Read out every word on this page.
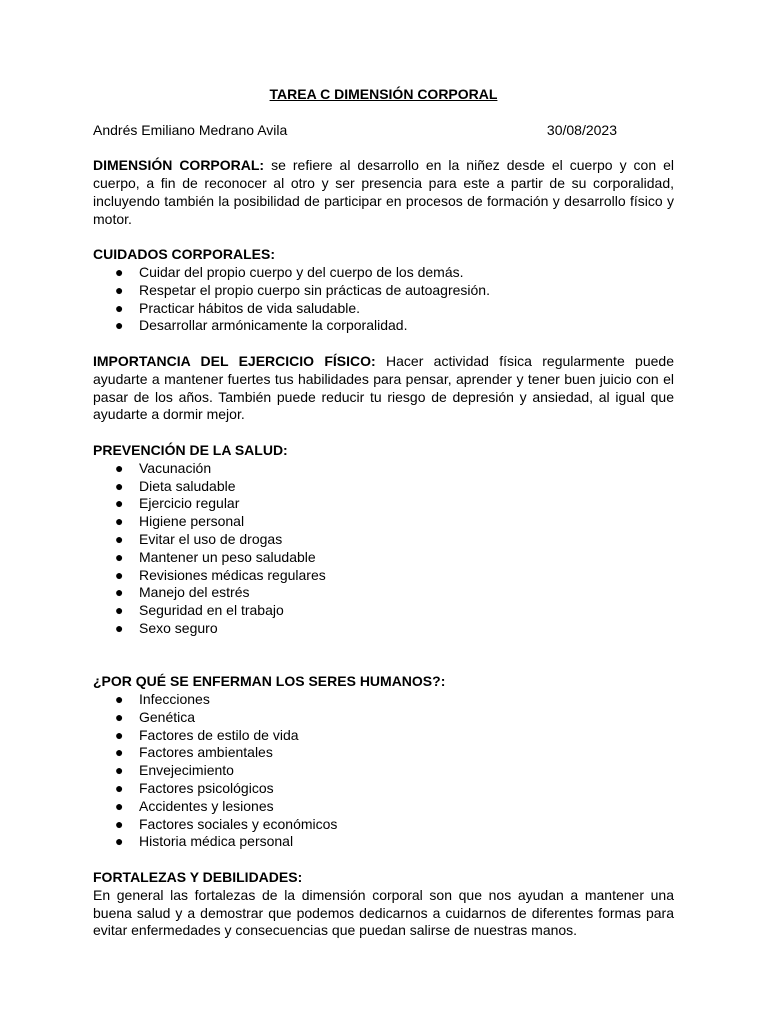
TAREA C DIMENSIÓN CORPORAL

Andrés Emiliano Medrano Avila	30/08/2023

DIMENSIÓN CORPORAL: se refiere al desarrollo en la niñez desde el cuerpo y con el cuerpo, a fin de reconocer al otro y ser presencia para este a partir de su corporalidad, incluyendo también la posibilidad de participar en procesos de formación y desarrollo físico y motor.

CUIDADOS CORPORALES:

● Cuidar del propio cuerpo y del cuerpo de los demás.
● Respetar el propio cuerpo sin prácticas de autoagresión.
● Practicar hábitos de vida saludable.
● Desarrollar armónicamente la corporalidad.

IMPORTANCIA DEL EJERCICIO FÍSICO: Hacer actividad física regularmente puede ayudarte a mantener fuertes tus habilidades para pensar, aprender y tener buen juicio con el pasar de los años. También puede reducir tu riesgo de depresión y ansiedad, al igual que ayudarte a dormir mejor.

PREVENCIÓN DE LA SALUD:

● Vacunación
● Dieta saludable
● Ejercicio regular
● Higiene personal
● Evitar el uso de drogas
● Mantener un peso saludable
● Revisiones médicas regulares
● Manejo del estrés
● Seguridad en el trabajo
● Sexo seguro

¿POR QUÉ SE ENFERMAN LOS SERES HUMANOS?:

● Infecciones
● Genética
● Factores de estilo de vida
● Factores ambientales
● Envejecimiento
● Factores psicológicos
● Accidentes y lesiones
● Factores sociales y económicos
● Historia médica personal

FORTALEZAS Y DEBILIDADES:

En general las fortalezas de la dimensión corporal son que nos ayudan a mantener una buena salud y a demostrar que podemos dedicarnos a cuidarnos de diferentes formas para evitar enfermedades y consecuencias que puedan salirse de nuestras manos.
